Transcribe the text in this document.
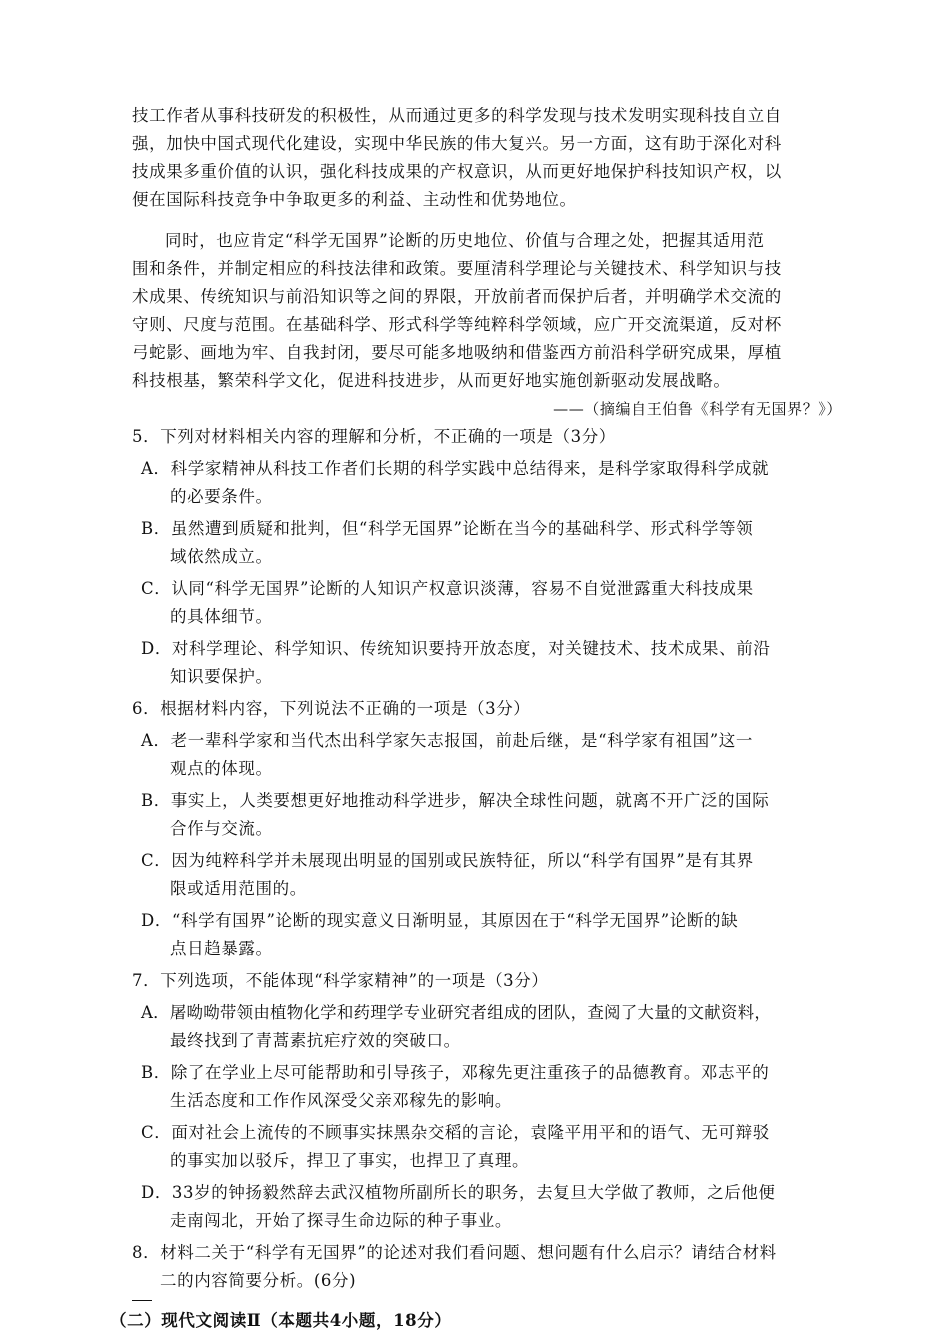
技工作者从事科技研发的积极性，从而通过更多的科学发现与技术发明实现科技自立自
强，加快中国式现代化建设，实现中华民族的伟大复兴。另一方面，这有助于深化对科
技成果多重价值的认识，强化科技成果的产权意识，从而更好地保护科技知识产权，以
便在国际科技竞争中争取更多的利益、主动性和优势地位。
同时，也应肯定“科学无国界”论断的历史地位、价值与合理之处，把握其适用范
围和条件，并制定相应的科技法律和政策。要厘清科学理论与关键技术、科学知识与技
术成果、传统知识与前沿知识等之间的界限，开放前者而保护后者，并明确学术交流的
守则、尺度与范围。在基础科学、形式科学等纯粹科学领域，应广开交流渠道，反对杯
弓蛇影、画地为牢、自我封闭，要尽可能多地吸纳和借鉴西方前沿科学研究成果，厚植
科技根基，繁荣科学文化，促进科技进步，从而更好地实施创新驱动发展战略。
——（摘编自王伯鲁《科学有无国界？》）
5．下列对材料相关内容的理解和分析，不正确的一项是（3分）
A．科学家精神从科技工作者们长期的科学实践中总结得来，是科学家取得科学成就
的必要条件。
B．虽然遭到质疑和批判，但“科学无国界”论断在当今的基础科学、形式科学等领
域依然成立。
C．认同“科学无国界”论断的人知识产权意识淡薄，容易不自觉泄露重大科技成果
的具体细节。
D．对科学理论、科学知识、传统知识要持开放态度，对关键技术、技术成果、前沿
知识要保护。
6．根据材料内容，下列说法不正确的一项是（3分）
A．老一辈科学家和当代杰出科学家矢志报国，前赴后继，是“科学家有祖国”这一
观点的体现。
B．事实上，人类要想更好地推动科学进步，解决全球性问题，就离不开广泛的国际
合作与交流。
C．因为纯粹科学并未展现出明显的国别或民族特征，所以“科学有国界”是有其界
限或适用范围的。
D．“科学有国界”论断的现实意义日渐明显，其原因在于“科学无国界”论断的缺
点日趋暴露。
7．下列选项，不能体现“科学家精神”的一项是（3分）
A．屠呦呦带领由植物化学和药理学专业研究者组成的团队，查阅了大量的文献资料，
最终找到了青蒿素抗疟疗效的突破口。
B．除了在学业上尽可能帮助和引导孩子，邓稼先更注重孩子的品德教育。邓志平的
生活态度和工作作风深受父亲邓稼先的影响。
C．面对社会上流传的不顾事实抹黑杂交稻的言论，袁隆平用平和的语气、无可辩驳
的事实加以驳斥，捍卫了事实，也捍卫了真理。
D．33岁的钟扬毅然辞去武汉植物所副所长的职务，去复旦大学做了教师，之后他便
走南闯北，开始了探寻生命边际的种子事业。
8．材料二关于“科学有无国界”的论述对我们看问题、想问题有什么启示？请结合材料
二的内容简要分析。(6分)
（二）现代文阅读Ⅱ（本题共4小题，18分）
